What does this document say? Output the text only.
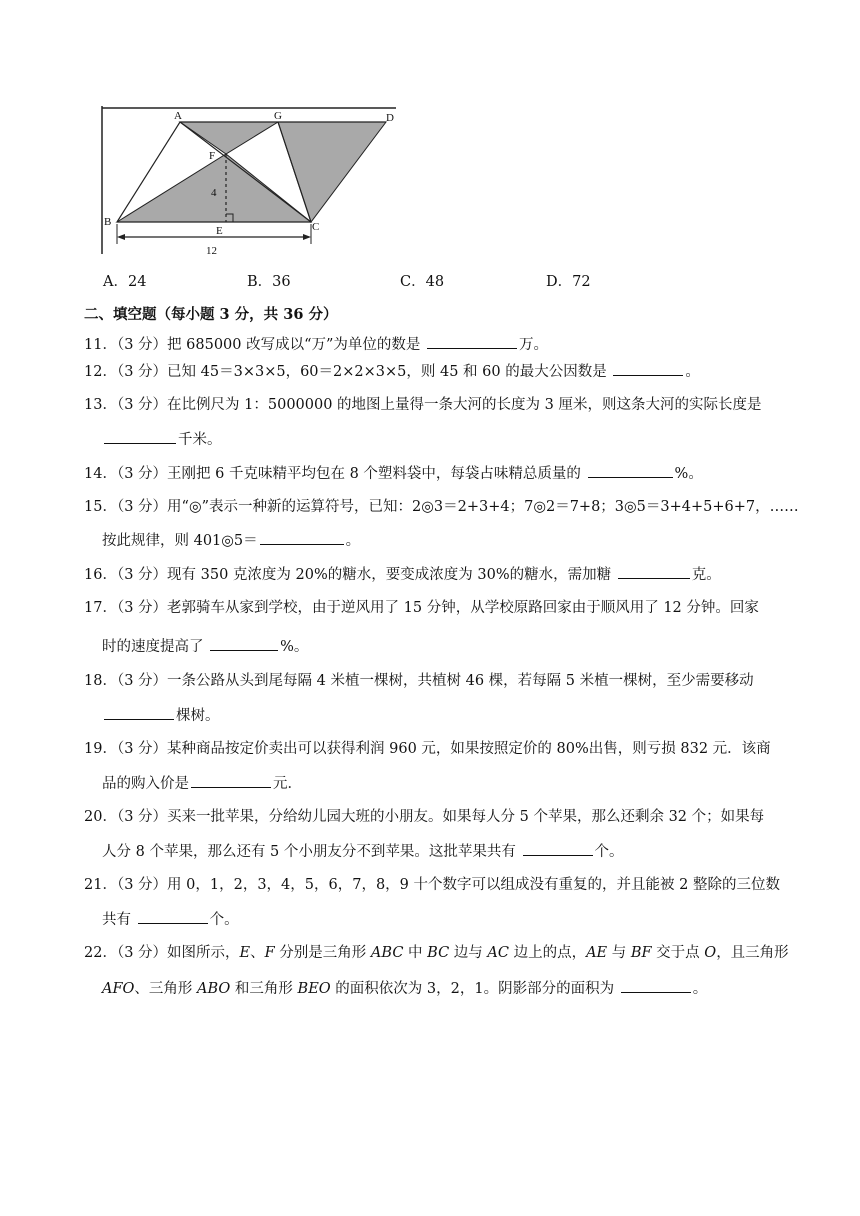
A	G	D
F
4
B
E	C
12
A．24	B．36	C．48	D．72
二、填空题（每小题 3 分，共 36 分）
11．（3 分）把 685000 改写成以“万”为单位的数是	万。
12．（3 分）已知 45＝3×3×5，60＝2×2×3×5，则 45 和 60 的最大公因数是	。
13．（3 分）在比例尺为 1：5000000 的地图上量得一条大河的长度为 3 厘米，则这条大河的实际长度是
千米。
14．（3 分）王刚把 6 千克味精平均包在 8 个塑料袋中，每袋占味精总质量的	%。
15．（3 分）用“◎”表示一种新的运算符号，已知：2◎3＝2+3+4；7◎2＝7+8；3◎5＝3+4+5+6+7，……
按此规律，则 401◎5＝	。
16．（3 分）现有 350 克浓度为 20%的糖水，要变成浓度为 30%的糖水，需加糖	克。
17．（3 分）老郭骑车从家到学校，由于逆风用了 15 分钟，从学校原路回家由于顺风用了 12 分钟。回家
时的速度提高了	%。
18．（3 分）一条公路从头到尾每隔 4 米植一棵树，共植树 46 棵，若每隔 5 米植一棵树，至少需要移动
棵树。
19．（3 分）某种商品按定价卖出可以获得利润 960 元，如果按照定价的 80%出售，则亏损 832 元．该商
品的购入价是	元．
20．（3 分）买来一批苹果，分给幼儿园大班的小朋友。如果每人分 5 个苹果，那么还剩余 32 个；如果每
人分 8 个苹果，那么还有 5 个小朋友分不到苹果。这批苹果共有	个。
21．（3 分）用 0，1，2，3，4，5，6，7，8，9 十个数字可以组成没有重复的，并且能被 2 整除的三位数
共有	个。
22．（3 分）如图所示，E、F 分别是三角形 ABC 中 BC 边与 AC 边上的点，AE 与 BF 交于点 O，且三角形
AFO、三角形 ABO 和三角形 BEO 的面积依次为 3，2，1。阴影部分的面积为	。
